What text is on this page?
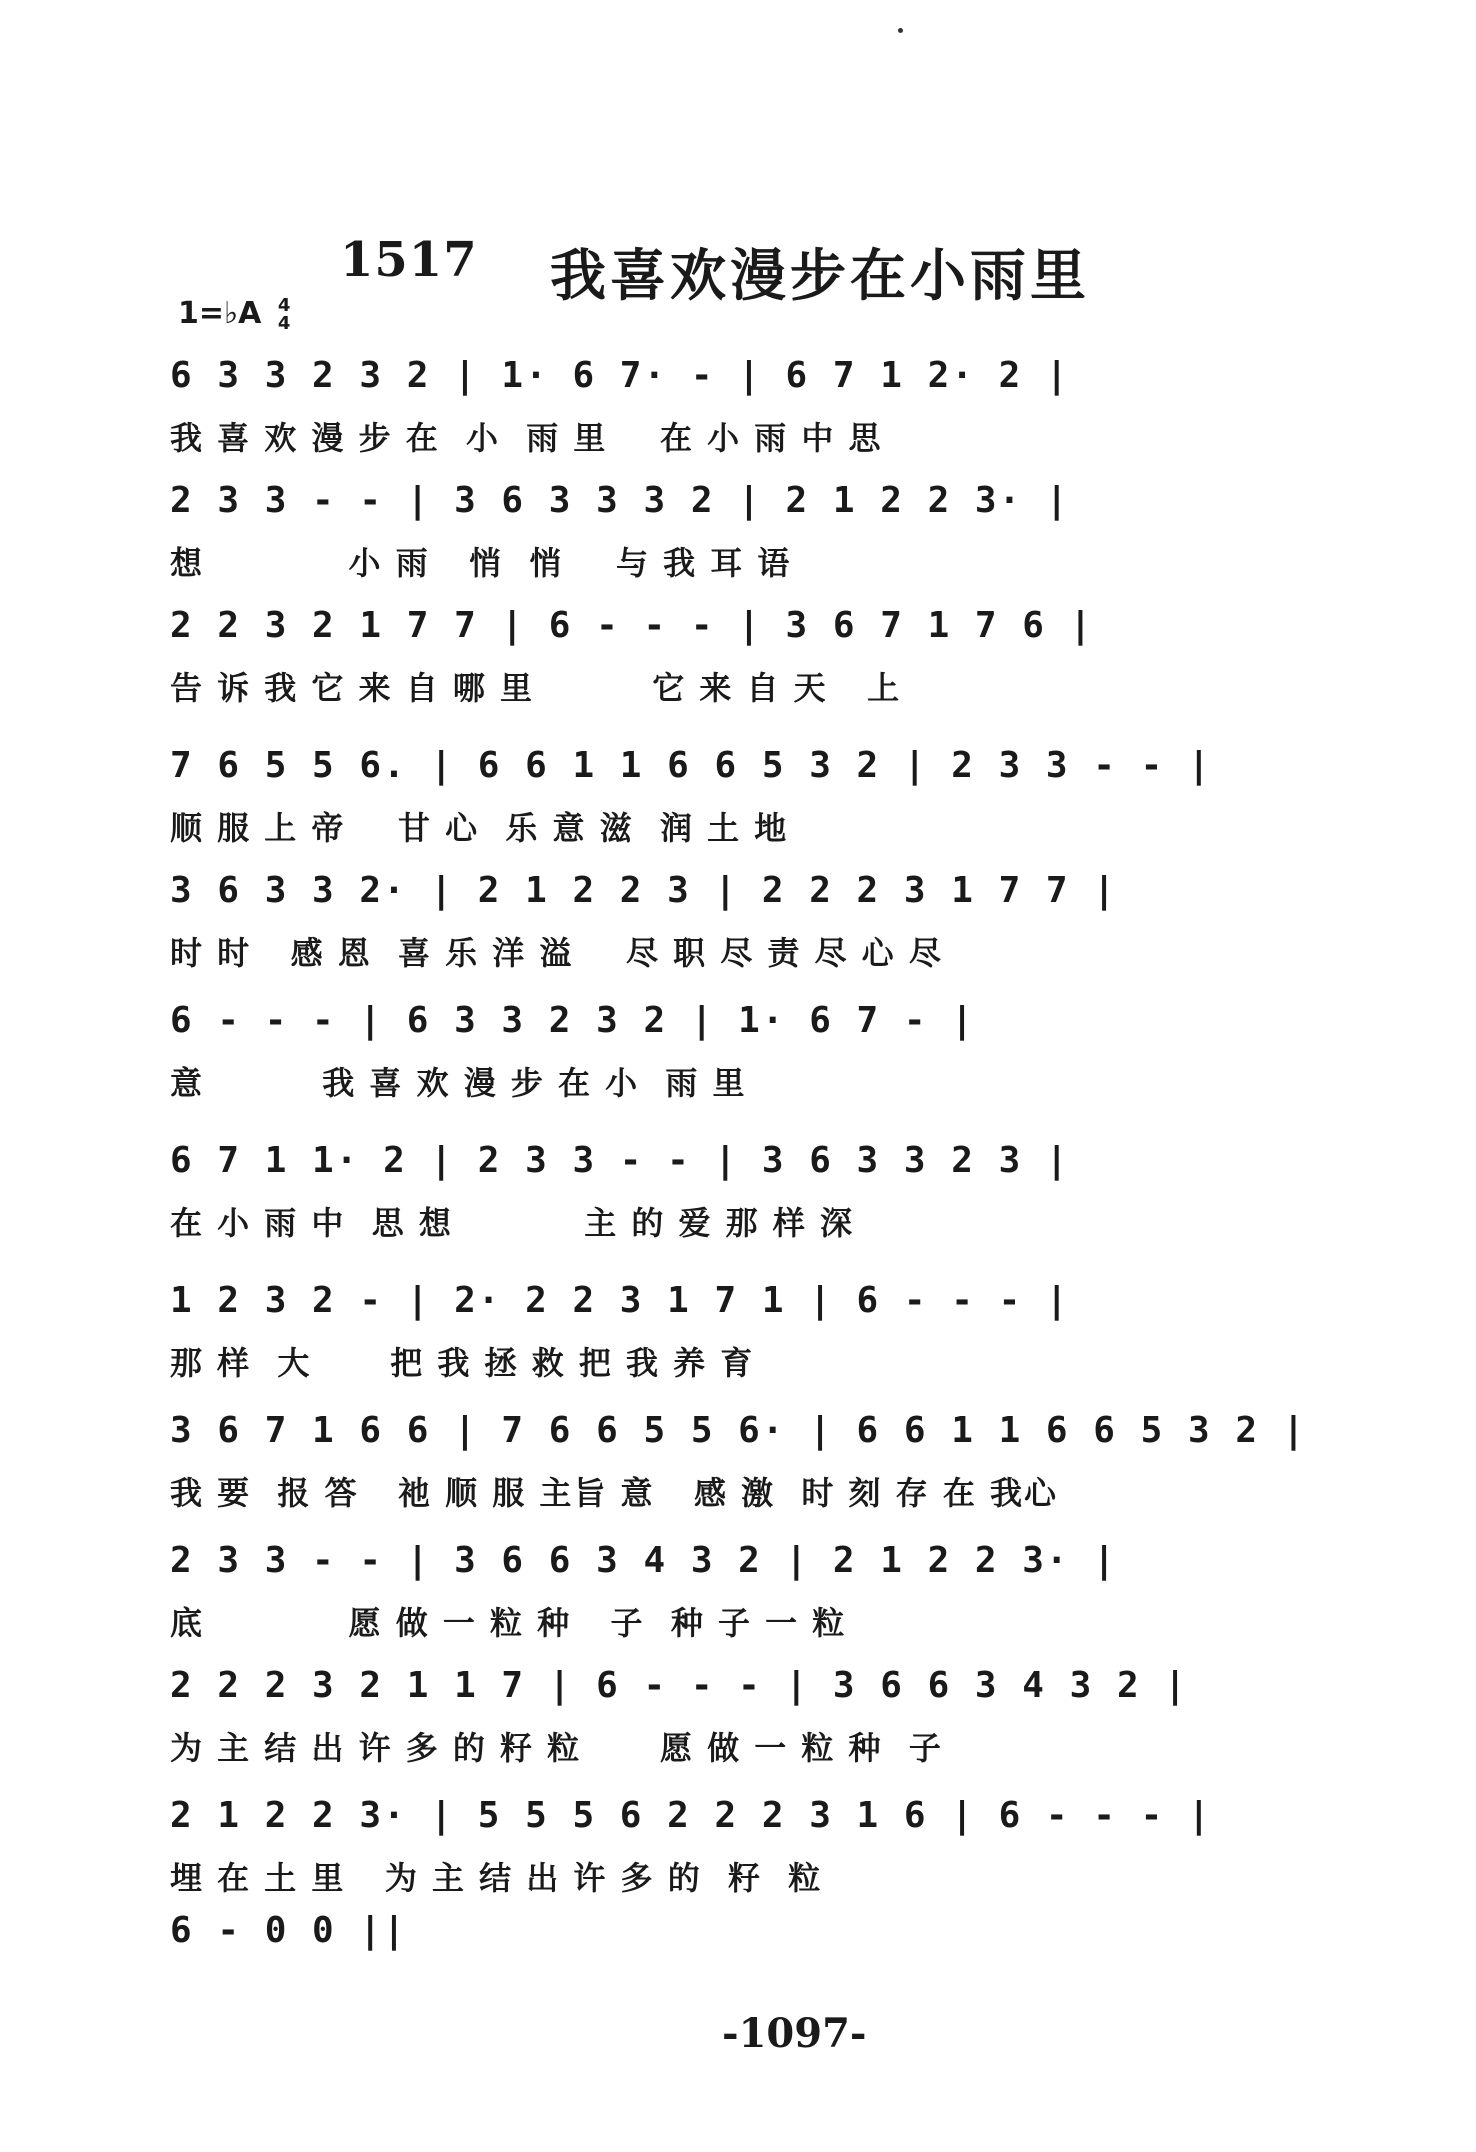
1517 我喜欢漫步在小雨里
1=♭A 4
4
6 3 3 2 3 2 | 1· 6 7· - | 6 7 1 2· 2 |
我 喜 欢 漫 步 在  小  雨 里    在 小 雨 中 思
2 3 3 - - | 3 6 3 3 3 2 | 2 1 2 2 3· |
想           小 雨   悄  悄    与 我 耳 语
2 2 3 2 1 7 7 | 6 - - - | 3 6 7 1 7 6 |
告 诉 我 它 来 自 哪 里         它 来 自 天   上
7 6 5 5 6. | 6 6 1 1 6 6 5 3 2 | 2 3 3 - - |
顺 服 上 帝    甘 心  乐 意 滋  润 土 地
3 6 3 3 2· | 2 1 2 2 3 | 2 2 2 3 1 7 7 |
时 时   感 恩  喜 乐 洋 溢    尽 职 尽 责 尽 心 尽
6 - - - | 6 3 3 2 3 2 | 1· 6 7 - |
意         我 喜 欢 漫 步 在 小  雨 里
6 7 1 1· 2 | 2 3 3 - - | 3 6 3 3 2 3 |
在 小 雨 中  思 想          主 的 爱 那 样 深
1 2 3 2 - | 2· 2 2 3 1 7 1 | 6 - - - |
那 样  大      把 我 拯 救 把 我 养 育
3 6 7 1 6 6 | 7 6 6 5 5 6· | 6 6 1 1 6 6 5 3 2 |
我 要  报 答   祂 顺 服 主旨 意   感 激  时 刻 存 在 我心
2 3 3 - - | 3 6 6 3 4 3 2 | 2 1 2 2 3· |
底           愿 做 一 粒 种   子  种 子 一 粒
2 2 2 3 2 1 1 7 | 6 - - - | 3 6 6 3 4 3 2 |
为 主 结 出 许 多 的 籽 粒      愿 做 一 粒 种  子
2 1 2 2 3· | 5 5 5 6 2 2 2 3 1 6 | 6 - - - |
埋 在 土 里   为 主 结 出 许 多 的  籽  粒
6 - 0 0 ||
-1097-
